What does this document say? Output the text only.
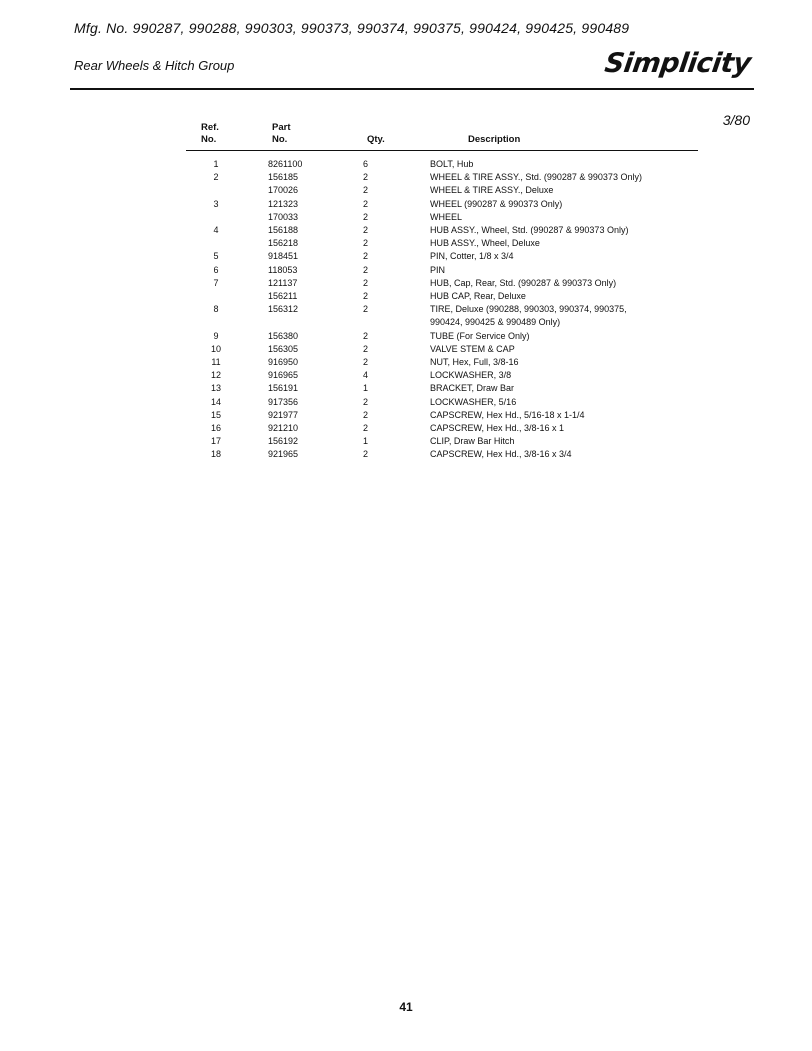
Mfg. No. 990287, 990288, 990303, 990373, 990374, 990375, 990424, 990425, 990489
Rear Wheels & Hitch Group	Simplicity
3/80
Ref.
No.
Part
No.	Qty.	Description
1	8261100	6	BOLT, Hub

2	156185	2	WHEEL & TIRE ASSY., Std. (990287 & 990373 Only)

	170026	2	WHEEL & TIRE ASSY., Deluxe

3	121323	2	WHEEL (990287 & 990373 Only)

	170033	2	WHEEL

4	156188	2	HUB ASSY., Wheel, Std. (990287 & 990373 Only)

	156218	2	HUB ASSY., Wheel, Deluxe

5	918451	2	PIN, Cotter, 1/8 x 3/4

6	118053	2	PIN

7	121137	2	HUB, Cap, Rear, Std. (990287 & 990373 Only)

	156211	2	HUB CAP, Rear, Deluxe

8	156312	2	TIRE, Deluxe (990288, 990303, 990374, 990375,
990424, 990425 & 990489 Only)

9	156380	2	TUBE (For Service Only)

10	156305	2	VALVE STEM & CAP

11	916950	2	NUT, Hex, Full, 3/8-16

12	916965	4	LOCKWASHER, 3/8

13	156191	1	BRACKET, Draw Bar

14	917356	2	LOCKWASHER, 5/16

15	921977	2	CAPSCREW, Hex Hd., 5/16-18 x 1-1/4

16	921210	2	CAPSCREW, Hex Hd., 3/8-16 x 1

17	156192	1	CLIP, Draw Bar Hitch

18	921965	2	CAPSCREW, Hex Hd., 3/8-16 x 3/4
41
